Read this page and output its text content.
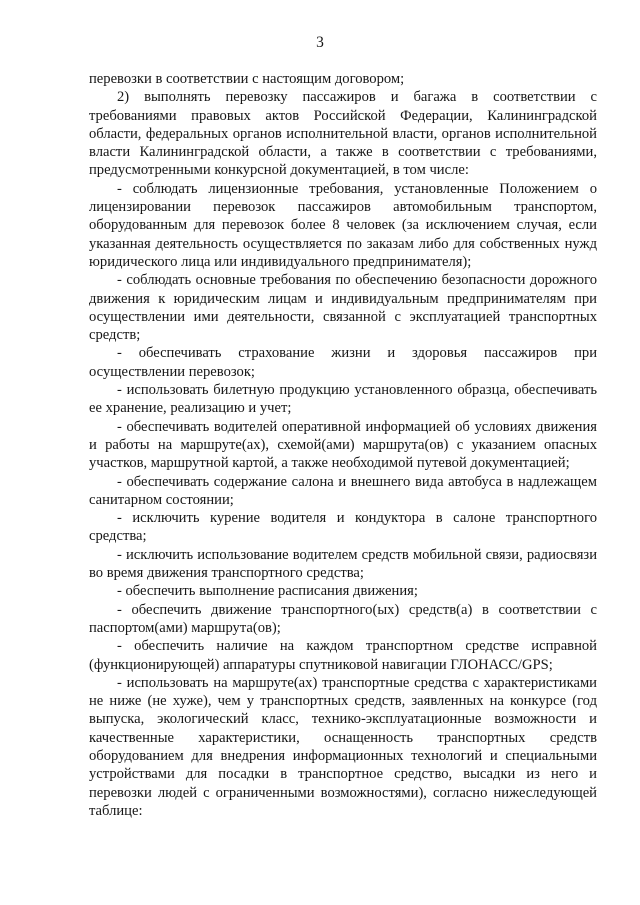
3

перевозки в соответствии с настоящим договором;

2) выполнять перевозку пассажиров и багажа в соответствии с требованиями правовых актов Российской Федерации, Калининградской области, федеральных органов исполнительной власти, органов исполнительной власти Калининградской области, а также в соответствии с требованиями, предусмотренными конкурсной документацией, в том числе:

- соблюдать лицензионные требования, установленные Положением о лицензировании перевозок пассажиров автомобильным транспортом, оборудованным для перевозок более 8 человек (за исключением случая, если указанная деятельность осуществляется по заказам либо для собственных нужд юридического лица или индивидуального предпринимателя);

- соблюдать основные требования по обеспечению безопасности дорожного движения к юридическим лицам и индивидуальным предпринимателям при осуществлении ими деятельности, связанной с эксплуатацией транспортных средств;

- обеспечивать страхование жизни и здоровья пассажиров при осуществлении перевозок;

- использовать билетную продукцию установленного образца, обеспечивать ее хранение, реализацию и учет;

- обеспечивать водителей оперативной информацией об условиях движения и работы на маршруте(ах), схемой(ами) маршрута(ов) с указанием опасных участков, маршрутной картой, а также необходимой путевой документацией;

- обеспечивать содержание салона и внешнего вида автобуса в надлежащем санитарном состоянии;

- исключить курение водителя и кондуктора в салоне транспортного средства;

- исключить использование водителем средств мобильной связи, радиосвязи во время движения транспортного средства;

- обеспечить выполнение расписания движения;

- обеспечить движение транспортного(ых) средств(а) в соответствии с паспортом(ами) маршрута(ов);

- обеспечить наличие на каждом транспортном средстве исправной (функционирующей) аппаратуры спутниковой навигации ГЛОНАСС/GPS;

- использовать на маршруте(ах) транспортные средства с характеристиками не ниже (не хуже), чем у транспортных средств, заявленных на конкурсе (год выпуска, экологический класс, технико-эксплуатационные возможности и качественные характеристики, оснащенность транспортных средств оборудованием для внедрения информационных технологий и специальными устройствами для посадки в транспортное средство, высадки из него и перевозки людей с ограниченными возможностями), согласно нижеследующей таблице:
